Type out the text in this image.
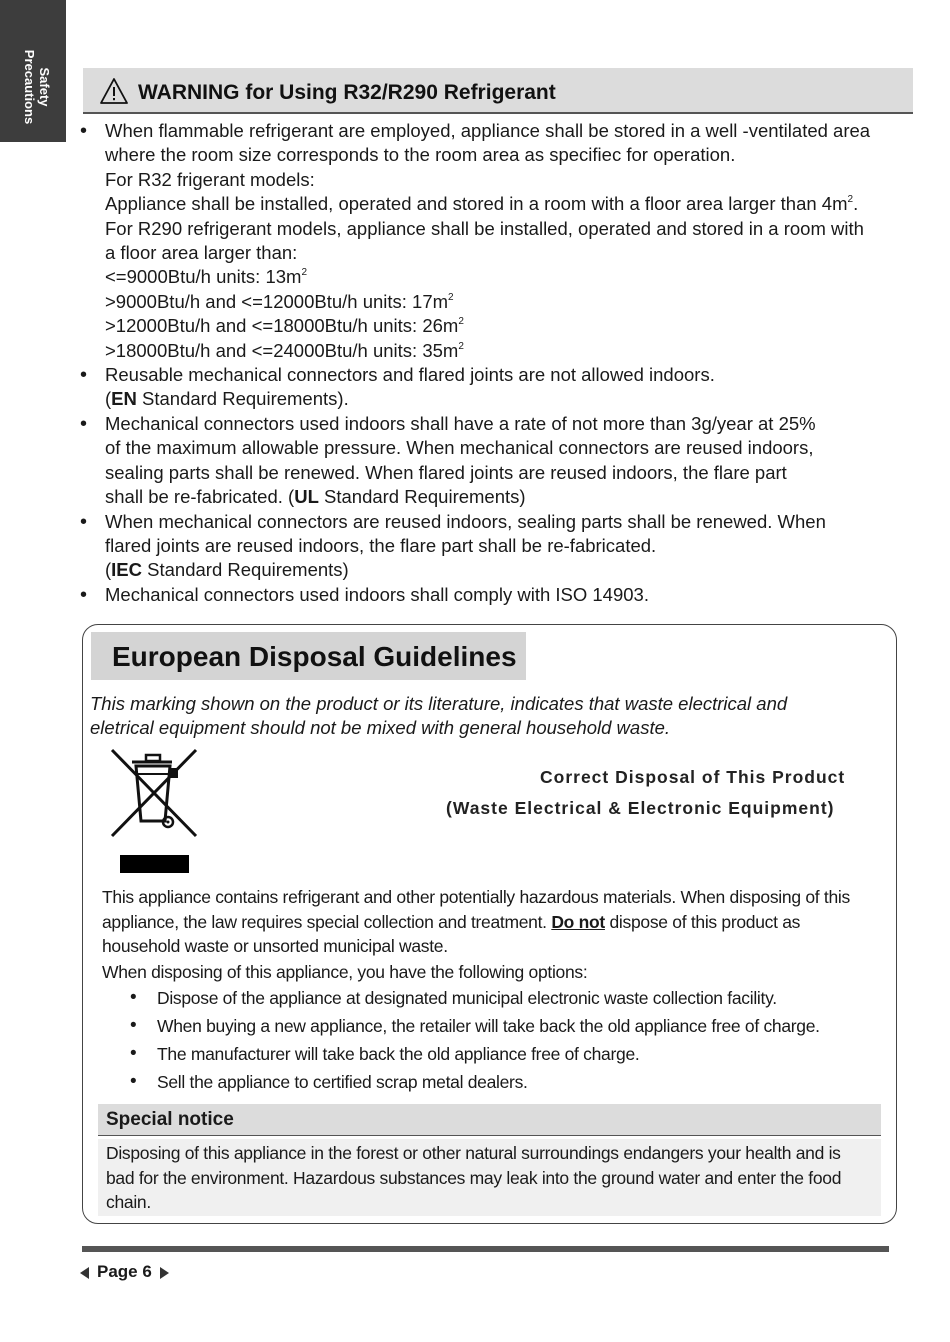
Safety
Precautions	WARNING for Using R32/R290 Refrigerant
• When flammable refrigerant are employed, appliance shall be stored in a well -ventilated area
where the room size corresponds to the room area as specifiec for operation.
For R32 frigerant models:
Appliance shall be installed, operated and stored in a room with a floor area larger than $4m^2$.
For R290 refrigerant models, appliance shall be installed, operated and stored in a room with
a floor area larger than:
<=9000Btu/h units: $13m^2$
>9000Btu/h and <=12000Btu/h units: $17m^2$
>12000Btu/h and <=18000Btu/h units: $26m^2$
>18000Btu/h and <=24000Btu/h units: $35m^2$
• Reusable mechanical connectors and flared joints are not allowed indoors.
(EN Standard Requirements).
• Mechanical connectors used indoors shall have a rate of not more than 3g/year at 25%
of the maximum allowable pressure. When mechanical connectors are reused indoors,
sealing parts shall be renewed. When flared joints are reused indoors, the flare part
shall be re-fabricated. (UL Standard Requirements)
• When mechanical connectors are reused indoors, sealing parts shall be renewed. When
flared joints are reused indoors, the flare part shall be re-fabricated.
(IEC Standard Requirements)
• Mechanical connectors used indoors shall comply with ISO 14903.
European Disposal Guidelines
This marking shown on the product or its literature, indicates that waste electrical and
eletrical equipment should not be mixed with general household waste.
Correct Disposal of This Product
(Waste Electrical & Electronic Equipment)
This appliance contains refrigerant and other potentially hazardous materials. When disposing of this appliance, the law requires special collection and treatment. Do not dispose of this product as household waste or unsorted municipal waste.
When disposing of this appliance, you have the following options:
• Dispose of the appliance at designated municipal electronic waste collection facility.
• When buying a new appliance, the retailer will take back the old appliance free of charge.
• The manufacturer will take back the old appliance free of charge.
• Sell the appliance to certified scrap metal dealers.
Special notice
Disposing of this appliance in the forest or other natural surroundings endangers your health and is bad for the environment. Hazardous substances may leak into the ground water and enter the food chain.
Page 6
